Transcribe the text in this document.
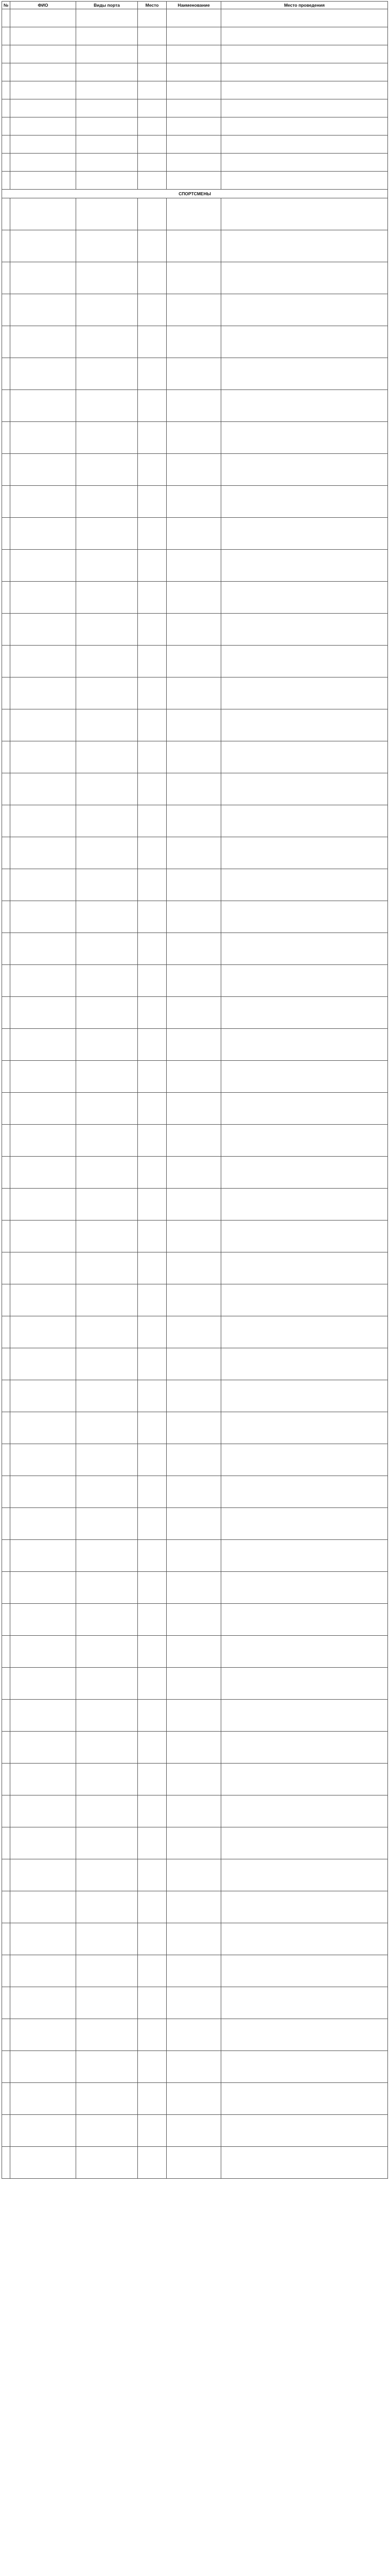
№	ФИО	Виды порта	Место	Наименование	Место проведения

СПОРТСМЕНЫ					
